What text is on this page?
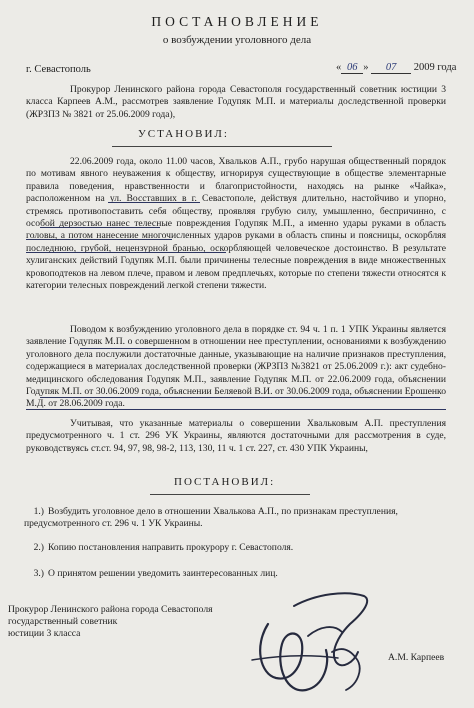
ПОСТАНОВЛЕНИЕ
о возбуждении уголовного дела
г. Севастополь	« 06 » 07 2009 года
Прокурор Ленинского района города Севастополя государственный советник юстиции 3 класса Карпеев А.М., рассмотрев заявление Годупяк М.П. и материалы доследственной проверки (ЖРЗПЗ № 3821 от 25.06.2009 года),
УСТАНОВИЛ:
22.06.2009 года, около 11.00 часов, Хвальков А.П., грубо нарушая общественный порядок по мотивам явного неуважения к обществу, игнорируя существующие в обществе элементарные правила поведения, нравственности и благопристойности, находясь на рынке «Чайка», расположенном на ул. Восставших в г. Севастополе, действуя длительно, настойчиво и упорно, стремясь противопоставить себя обществу, проявляя грубую силу, умышленно, беспричинно, с особой дерзостью нанес телесные повреждения Годупяк М.П., а именно удары руками в область головы, а потом нанесение многочисленных ударов руками в область спины и поясницы, оскорбляя последнюю, грубой, нецензурной бранью, оскорбляющей человеческое достоинство. В результате хулиганских действий Годупяк М.П. были причинены телесные повреждения в виде множественных кровоподтеков на левом плече, правом и левом предплечьях, которые по степени тяжести относятся к категории телесных повреждений легкой степени тяжести.
Поводом к возбуждению уголовного дела в порядке ст. 94 ч. 1 п. 1 УПК Украины является заявление Годупяк М.П. о совершенном в отношении нее преступлении, основаниями к возбуждению уголовного дела послужили достаточные данные, указывающие на наличие признаков преступления, содержащиеся в материалах доследственной проверки (ЖРЗПЗ №3821 от 25.06.2009 г.): акт судебно-медицинского обследования Годупяк М.П., заявление Годупяк М.П. от 22.06.2009 года, объяснении Годупяк М.П. от 30.06.2009 года, объяснении Беляевой В.И. от 30.06.2009 года, объяснении Ерошенко М.Д. от 28.06.2009 года.
Учитывая, что указанные материалы о совершении Хвальковым А.П. преступления предусмотренного ч. 1 ст. 296 УК Украины, являются достаточными для рассмотрения в суде, руководствуясь ст.ст. 94, 97, 98, 98-2, 113, 130, 11 ч. 1 ст. 227, ст. 430 УПК Украины,
ПОСТАНОВИЛ:
1.) Возбудить уголовное дело в отношении Хвалькова А.П., по признакам преступления, предусмотренного ст. 296 ч. 1 УК Украины.
2.) Копию постановления направить прокурору г. Севастополя.
3.) О принятом решении уведомить заинтересованных лиц.
Прокурор Ленинского района города Севастополя
государственный советник
юстиции 3 класса
А.М. Карпеев
